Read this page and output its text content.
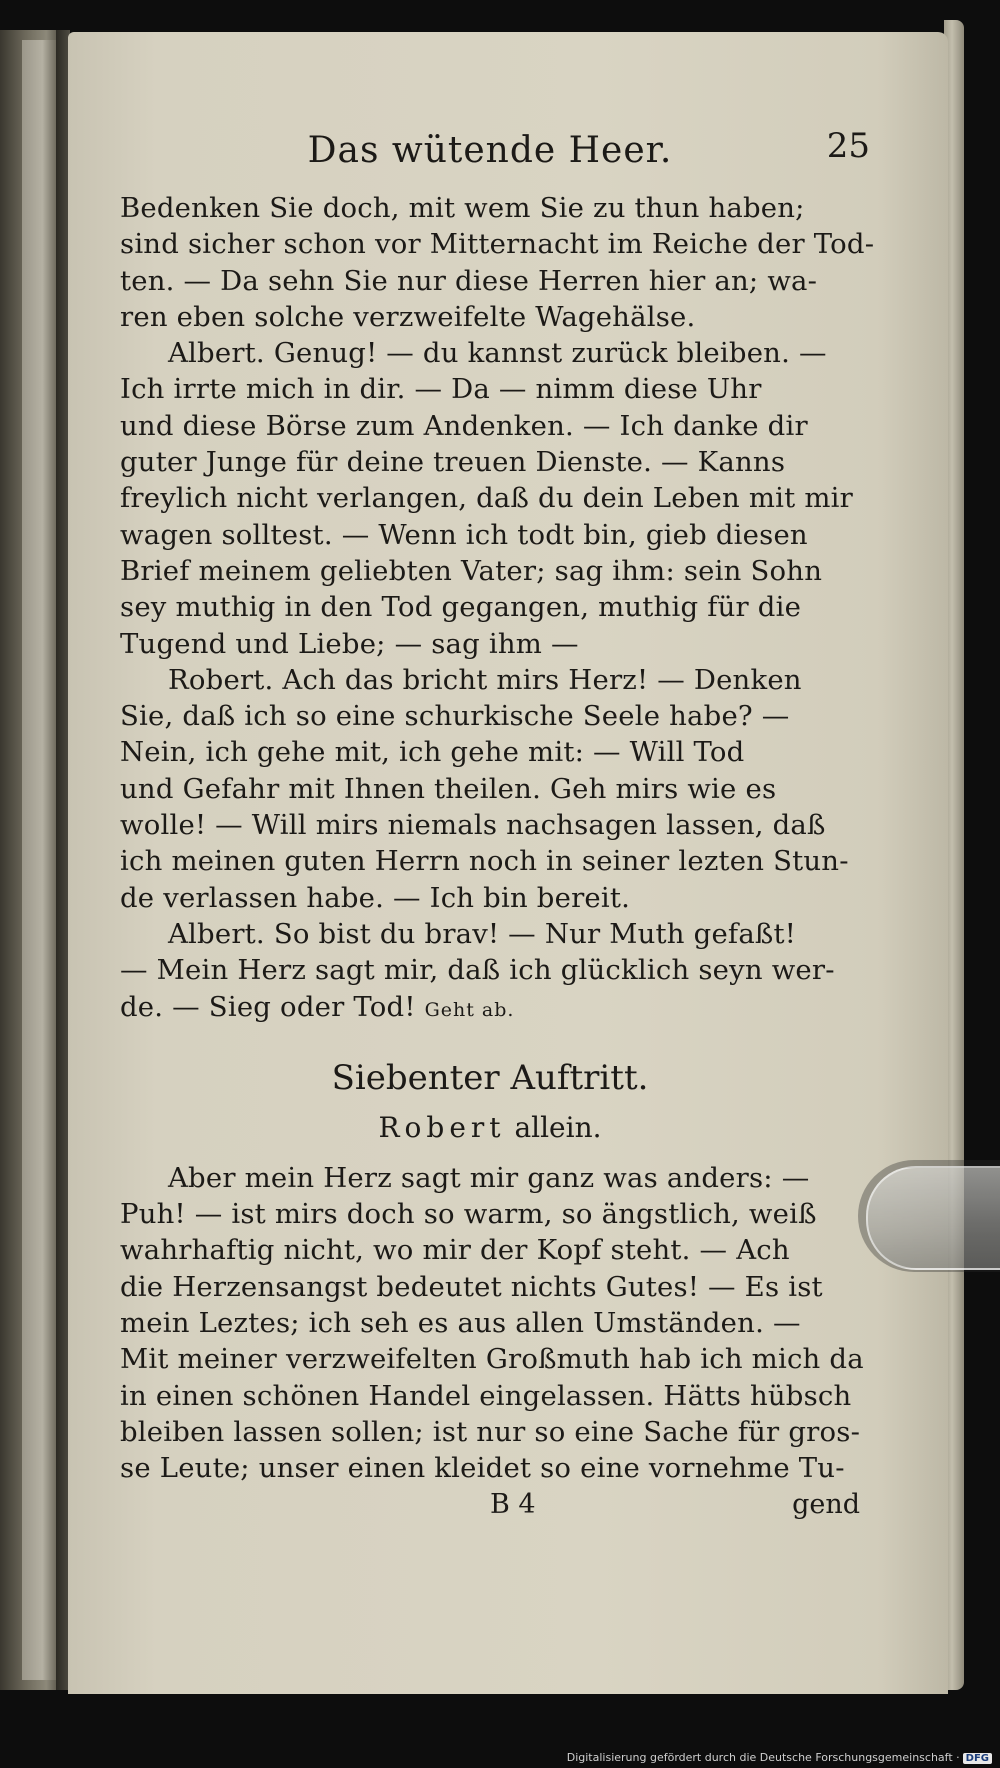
Das wütende Heer.	25
Bedenken Sie doch, mit wem Sie zu thun haben;
sind sicher schon vor Mitternacht im Reiche der Tod-
ten. — Da sehn Sie nur diese Herren hier an; wa-
ren eben solche verzweifelte Wagehälse.
Albert. Genug! — du kannst zurück bleiben. —
Ich irrte mich in dir. — Da — nimm diese Uhr
und diese Börse zum Andenken. — Ich danke dir
guter Junge für deine treuen Dienste. — Kanns
freylich nicht verlangen, daß du dein Leben mit mir
wagen solltest. — Wenn ich todt bin, gieb diesen
Brief meinem geliebten Vater; sag ihm: sein Sohn
sey muthig in den Tod gegangen, muthig für die
Tugend und Liebe; — sag ihm —
Robert. Ach das bricht mirs Herz! — Denken
Sie, daß ich so eine schurkische Seele habe? —
Nein, ich gehe mit, ich gehe mit: — Will Tod
und Gefahr mit Ihnen theilen. Geh mirs wie es
wolle! — Will mirs niemals nachsagen lassen, daß
ich meinen guten Herrn noch in seiner lezten Stun-
de verlassen habe. — Ich bin bereit.
Albert. So bist du brav! — Nur Muth gefaßt!
— Mein Herz sagt mir, daß ich glücklich seyn wer-
de. — Sieg oder Tod! Geht ab.
Siebenter Auftritt.
Robert allein.
Aber mein Herz sagt mir ganz was anders: —
Puh! — ist mirs doch so warm, so ängstlich, weiß
wahrhaftig nicht, wo mir der Kopf steht. — Ach
die Herzensangst bedeutet nichts Gutes! — Es ist
mein Leztes; ich seh es aus allen Umständen. —
Mit meiner verzweifelten Großmuth hab ich mich da
in einen schönen Handel eingelassen. Hätts hübsch
bleiben lassen sollen; ist nur so eine Sache für gros-
se Leute; unser einen kleidet so eine vornehme Tu-
B 4	gend
Digitalisierung gefördert durch die Deutsche Forschungsgemeinschaft · DFG
